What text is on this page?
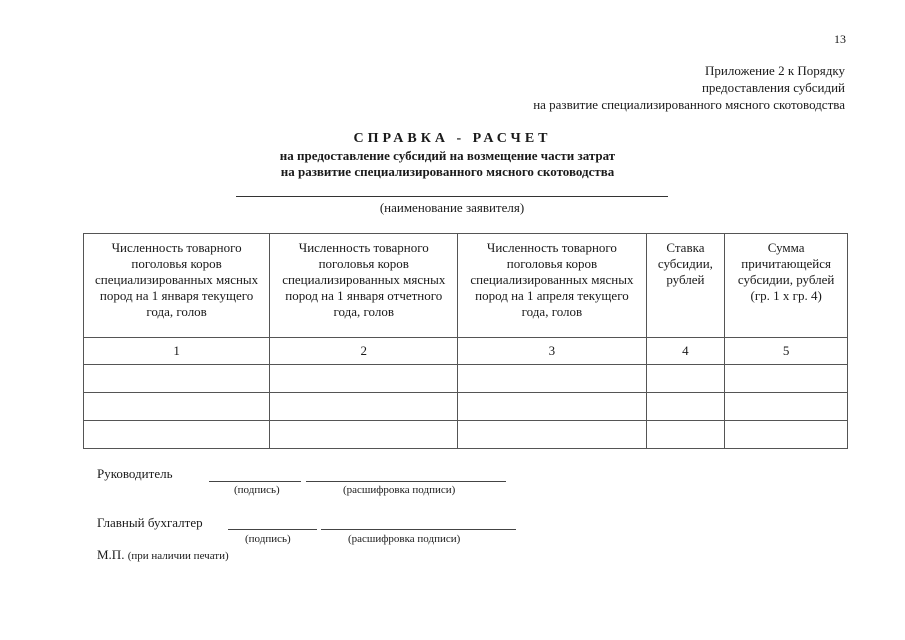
13
Приложение 2 к Порядку
предоставления субсидий
на развитие специализированного мясного скотоводства
СПРАВКА - РАСЧЕТ
на предоставление субсидий на возмещение части затрат
на развитие специализированного мясного скотоводства
(наименование заявителя)
Численность товарного поголовья коров специализированных мясных пород на 1 января текущего года, голов	Численность товарного поголовья коров специализированных мясных пород на 1 января отчетного года, голов	Численность товарного поголовья коров специализированных мясных пород на 1 апреля текущего года, голов	Ставка субсидии, рублей	Сумма причитающейся субсидии, рублей (гр. 1 х гр. 4)
1	2	3	4	5

Руководитель
(подпись)	(расшифровка подписи)
Главный бухгалтер
(подпись)	(расшифровка подписи)
М.П. (при наличии печати)
